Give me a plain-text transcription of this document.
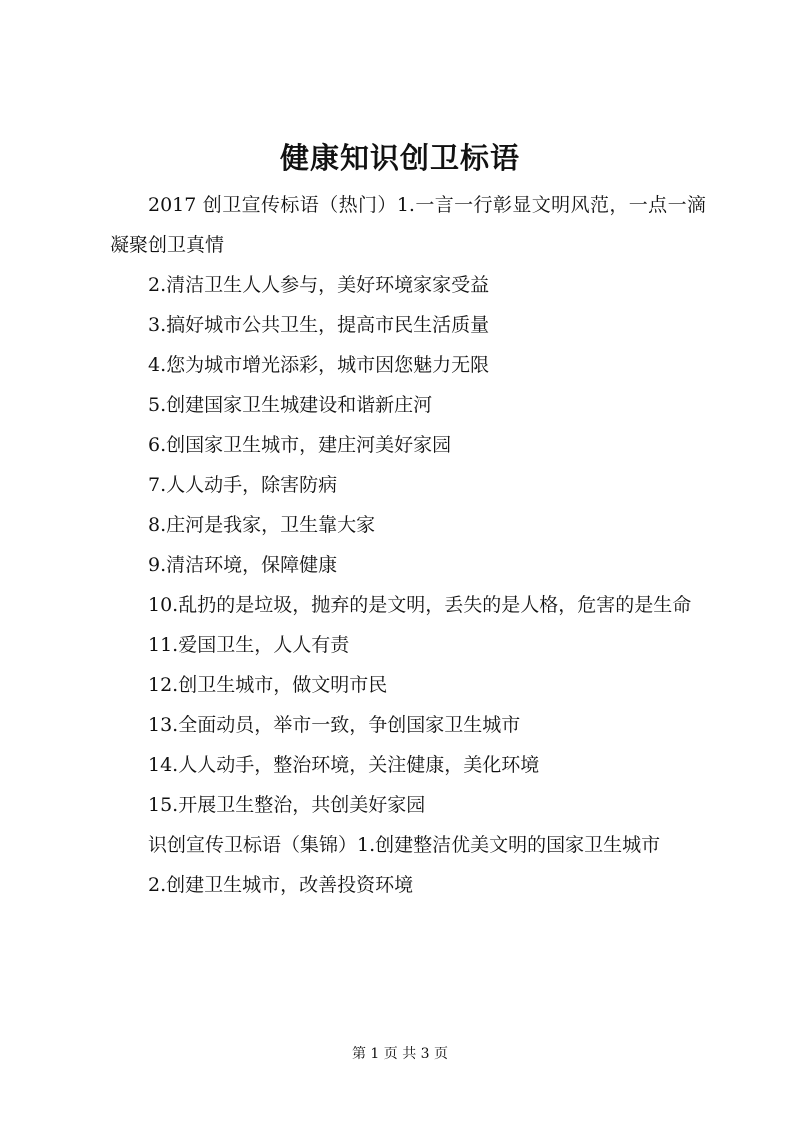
健康知识创卫标语

2017 创卫宣传标语（热门）1.一言一行彰显文明风范，一点一滴凝聚创卫真情

2.清洁卫生人人参与，美好环境家家受益

3.搞好城市公共卫生，提高市民生活质量

4.您为城市增光添彩，城市因您魅力无限

5.创建国家卫生城建设和谐新庄河

6.创国家卫生城市，建庄河美好家园

7.人人动手，除害防病

8.庄河是我家，卫生靠大家

9.清洁环境，保障健康

10.乱扔的是垃圾，抛弃的是文明，丢失的是人格，危害的是生命

11.爱国卫生，人人有责

12.创卫生城市，做文明市民

13.全面动员，举市一致，争创国家卫生城市

14.人人动手，整治环境，关注健康，美化环境

15.开展卫生整治，共创美好家园

识创宣传卫标语（集锦）1.创建整洁优美文明的国家卫生城市

2.创建卫生城市，改善投资环境

第 1 页 共 3 页
